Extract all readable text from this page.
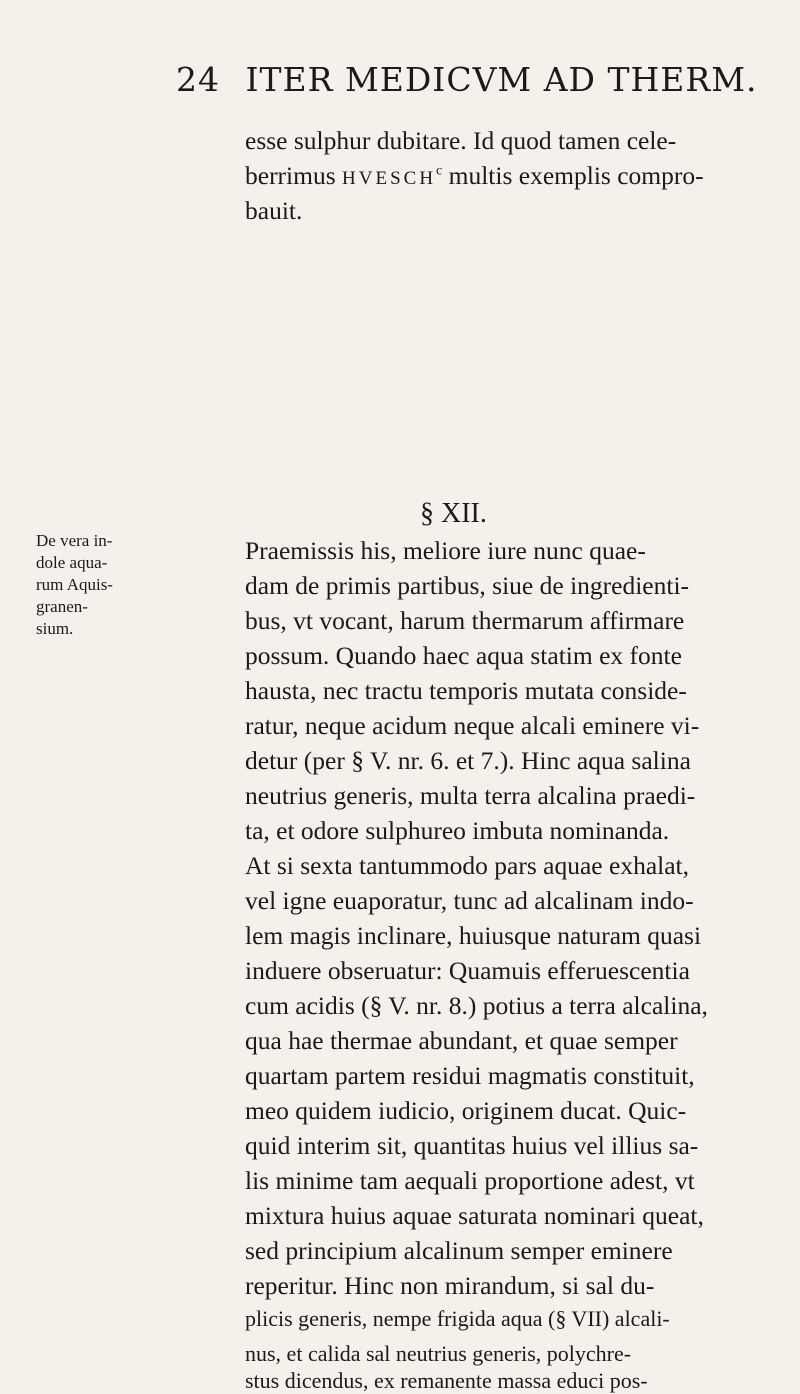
24 ITER MEDICVM AD THERM.
esse sulphur dubitare. Id quod tamen cele-
berrimus HVESCH$^c$ multis exemplis compro-
bauit.
§ XII.
De vera in-
dole aqua-
rum Aquis-
granen-
sium.
Praemissis his, meliore iure nunc quae-
dam de primis partibus, siue de ingredienti-
bus, vt vocant, harum thermarum affirmare
possum. Quando haec aqua statim ex fonte
hausta, nec tractu temporis mutata conside-
ratur, neque acidum neque alcali eminere vi-
detur (per § V. nr. 6. et 7.). Hinc aqua salina
neutrius generis, multa terra alcalina praedi-
ta, et odore sulphureo imbuta nominanda.
At si sexta tantummodo pars aquae exhalat,
vel igne euaporatur, tunc ad alcalinam indo-
lem magis inclinare, huiusque naturam quasi
induere obseruatur: Quamuis efferuescentia
cum acidis (§ V. nr. 8.) potius a terra alcalina,
qua hae thermae abundant, et quae semper
quartam partem residui magmatis constituit,
meo quidem iudicio, originem ducat. Quic-
quid interim sit, quantitas huius vel illius sa-
lis minime tam aequali proportione adest, vt
mixtura huius aquae saturata nominari queat,
sed principium alcalinum semper eminere
reperitur. Hinc non mirandum, si sal du-
plicis generis, nempe frigida aqua (§ VII) alcali-
nus, et calida sal neutrius generis, polychre-
stus dicendus, ex remanente massa educi pos-
